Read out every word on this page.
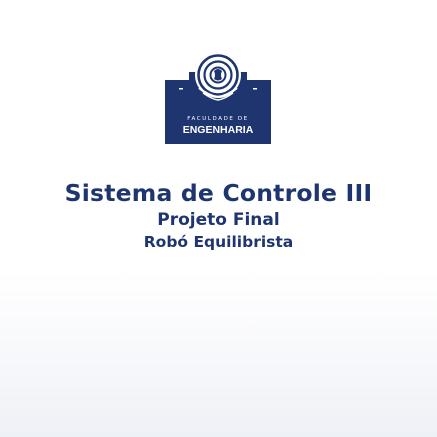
FACULDADE DE
ENGENHARIA
Sistema de Controle III
Projeto Final
Robó Equilibrista
